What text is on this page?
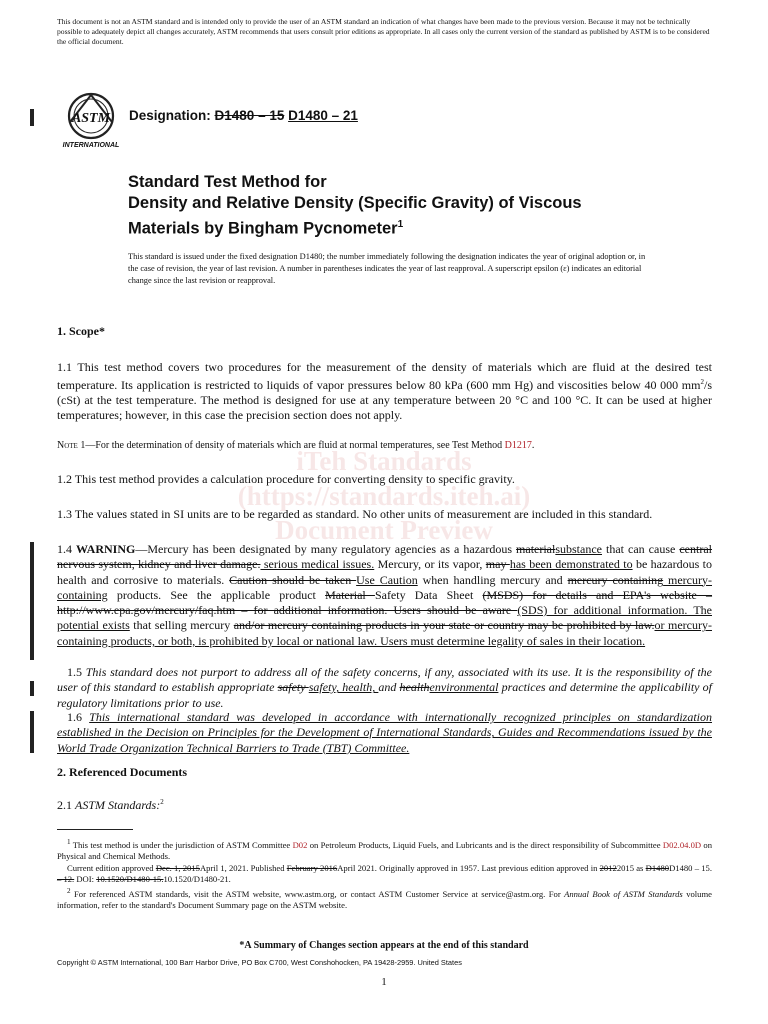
This document is not an ASTM standard and is intended only to provide the user of an ASTM standard an indication of what changes have been made to the previous version. Because it may not be technically possible to adequately depict all changes accurately, ASTM recommends that users consult prior editions as appropriate. In all cases only the current version of the standard as published by ASTM is to be considered the official document.
iTeh Standards
(https://standards.iteh.ai)
Document Preview
ASTM
INTERNATIONAL
Designation: D1480 – 15 D1480 – 21
Standard Test Method for
Density and Relative Density (Specific Gravity) of Viscous Materials by Bingham Pycnometer$^1$
This standard is issued under the fixed designation D1480; the number immediately following the designation indicates the year of original adoption or, in the case of revision, the year of last revision. A number in parentheses indicates the year of last reapproval. A superscript epsilon (ε) indicates an editorial change since the last revision or reapproval.
1. Scope*

1.1 This test method covers two procedures for the measurement of the density of materials which are fluid at the desired test temperature. Its application is restricted to liquids of vapor pressures below 80 kPa (600 mm Hg) and viscosities below 40 000 $mm^2/s$ (cSt) at the test temperature. The method is designed for use at any temperature between 20 °C and 100 °C. It can be used at higher temperatures; however, in this case the precision section does not apply.

Note 1—For the determination of density of materials which are fluid at normal temperatures, see Test Method D1217.

1.2 This test method provides a calculation procedure for converting density to specific gravity.

1.3 The values stated in SI units are to be regarded as standard. No other units of measurement are included in this standard.

1.4 WARNING—Mercury has been designated by many regulatory agencies as a hazardous materialsubstance that can cause central nervous system, kidney and liver damage. serious medical issues. Mercury, or its vapor, may has been demonstrated to be hazardous to health and corrosive to materials. Caution should be taken Use Caution when handling mercury and mercury containing mercury-containing products. See the applicable product Material Safety Data Sheet (MSDS) for details and EPA's website – http://www.epa.gov/mercury/faq.htm – for additional information. Users should be aware (SDS) for additional information. The potential exists that selling mercury and/or mercury containing products in your state or country may be prohibited by law.or mercury-containing products, or both, is prohibited by local or national law. Users must determine legality of sales in their location.

1.5 This standard does not purport to address all of the safety concerns, if any, associated with its use. It is the responsibility of the user of this standard to establish appropriate safety safety, health, and healthenvironmental practices and determine the applicability of regulatory limitations prior to use.

1.6 This international standard was developed in accordance with internationally recognized principles on standardization established in the Decision on Principles for the Development of International Standards, Guides and Recommendations issued by the World Trade Organization Technical Barriers to Trade (TBT) Committee.

2. Referenced Documents

2.1 ASTM Standards:$^2$

$^1$ This test method is under the jurisdiction of ASTM Committee D02 on Petroleum Products, Liquid Fuels, and Lubricants and is the direct responsibility of Subcommittee D02.04.0D on Physical and Chemical Methods.

Current edition approved Dec. 1, 2015April 1, 2021. Published February 2016April 2021. Originally approved in 1957. Last previous edition approved in 20122015 as D1480D1480 – 15. – 12. DOI: 10.1520/D1480-15.10.1520/D1480-21.

$^2$ For referenced ASTM standards, visit the ASTM website, www.astm.org, or contact ASTM Customer Service at service@astm.org. For Annual Book of ASTM Standards volume information, refer to the standard's Document Summary page on the ASTM website.

*A Summary of Changes section appears at the end of this standard
Copyright © ASTM International, 100 Barr Harbor Drive, PO Box C700, West Conshohocken, PA 19428-2959. United States
1
